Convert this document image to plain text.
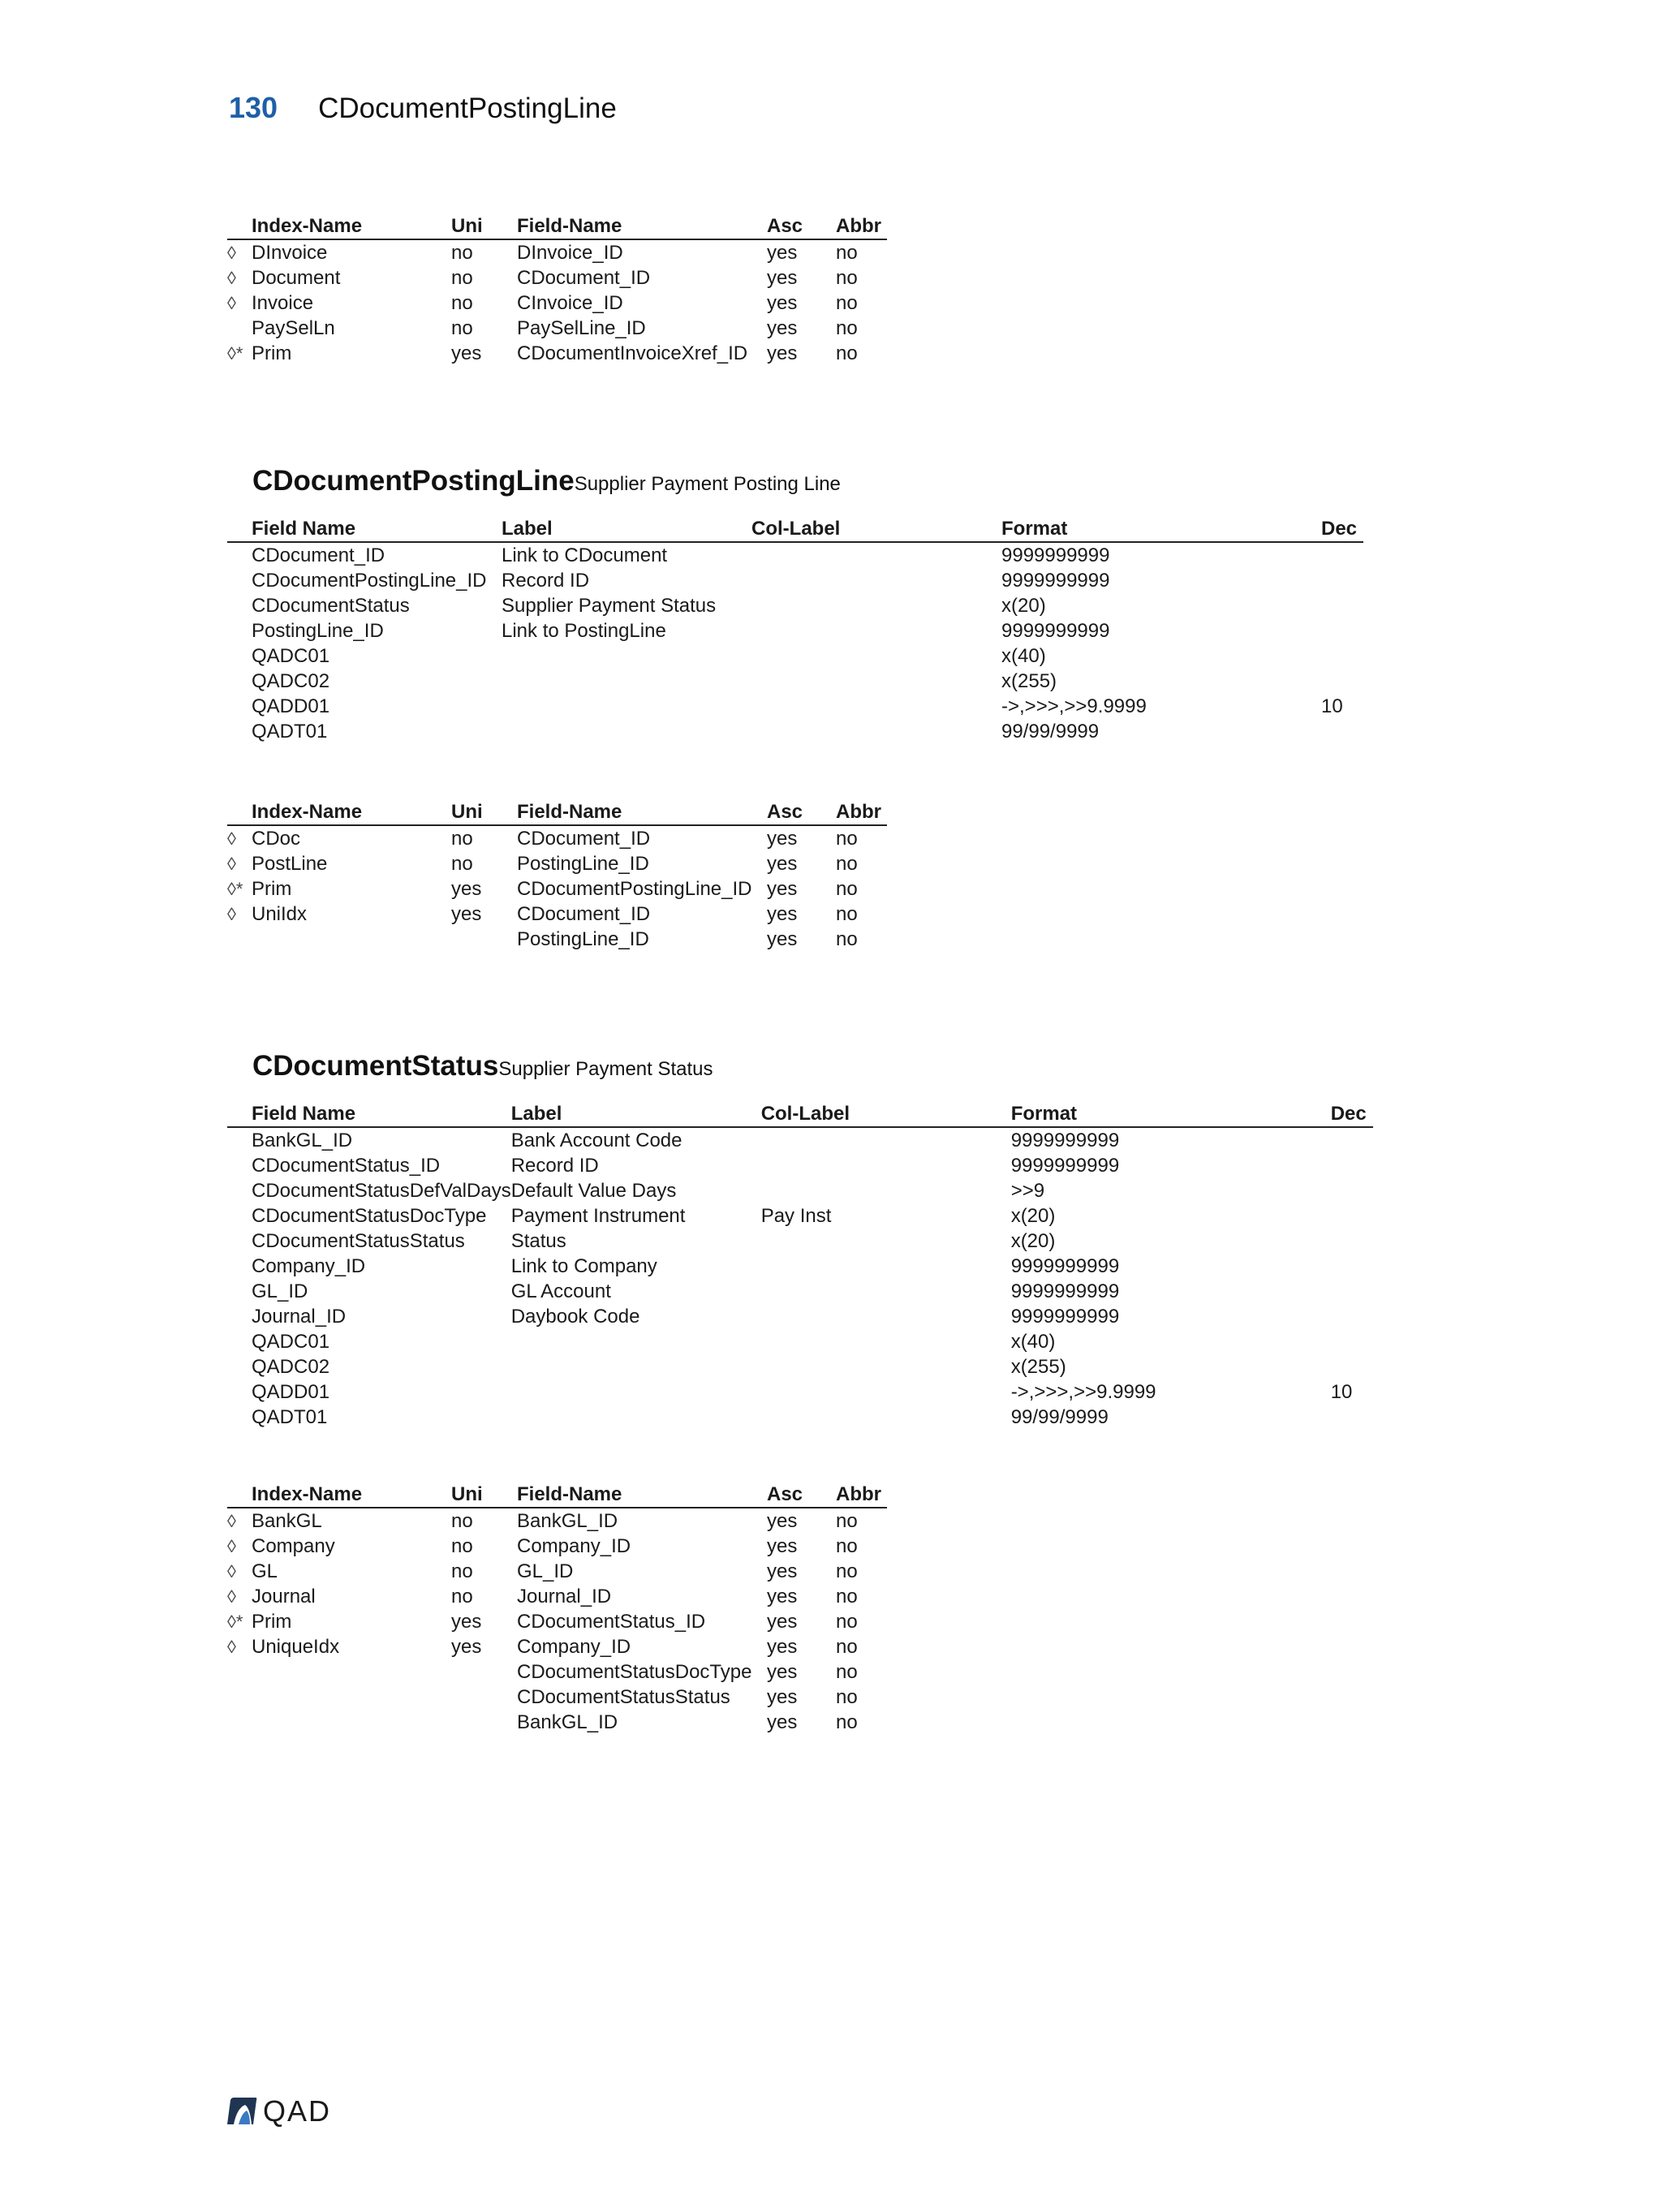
130 CDocumentPostingLine
	Index-Name	Uni	Field-Name	Asc	Abbr
◊	DInvoice	no	DInvoice_ID	yes	no
◊	Document	no	CDocument_ID	yes	no
◊	Invoice	no	CInvoice_ID	yes	no
	PaySelLn	no	PaySelLine_ID	yes	no
◊*	Prim	yes	CDocumentInvoiceXref_ID	yes	no
CDocumentPostingLine Supplier Payment Posting Line
	Field Name	Label	Col-Label	Format	Dec
	CDocument_ID	Link to CDocument		9999999999	
	CDocumentPostingLine_ID	Record ID		9999999999	
	CDocumentStatus	Supplier Payment Status		x(20)	
	PostingLine_ID	Link to PostingLine		9999999999	
	QADC01			x(40)	
	QADC02			x(255)	
	QADD01			->,>>>,>>9.9999	10
	QADT01			99/99/9999	
	Index-Name	Uni	Field-Name	Asc	Abbr
◊	CDoc	no	CDocument_ID	yes	no
◊	PostLine	no	PostingLine_ID	yes	no
◊*	Prim	yes	CDocumentPostingLine_ID	yes	no
◊	UniIdx	yes	CDocument_ID	yes	no
			PostingLine_ID	yes	no
CDocumentStatus Supplier Payment Status
	Field Name	Label	Col-Label	Format	Dec
	BankGL_ID	Bank Account Code		9999999999	
	CDocumentStatus_ID	Record ID		9999999999	
	CDocumentStatusDefValDays	Default Value Days		>>9	
	CDocumentStatusDocType	Payment Instrument	Pay Inst	x(20)	
	CDocumentStatusStatus	Status		x(20)	
	Company_ID	Link to Company		9999999999	
	GL_ID	GL Account		9999999999	
	Journal_ID	Daybook Code		9999999999	
	QADC01			x(40)	
	QADC02			x(255)	
	QADD01			->,>>>,>>9.9999	10
	QADT01			99/99/9999	
	Index-Name	Uni	Field-Name	Asc	Abbr
◊	BankGL	no	BankGL_ID	yes	no
◊	Company	no	Company_ID	yes	no
◊	GL	no	GL_ID	yes	no
◊	Journal	no	Journal_ID	yes	no
◊*	Prim	yes	CDocumentStatus_ID	yes	no
◊	UniqueIdx	yes	Company_ID	yes	no
			CDocumentStatusDocType	yes	no
			CDocumentStatusStatus	yes	no
			BankGL_ID	yes	no
QAD
